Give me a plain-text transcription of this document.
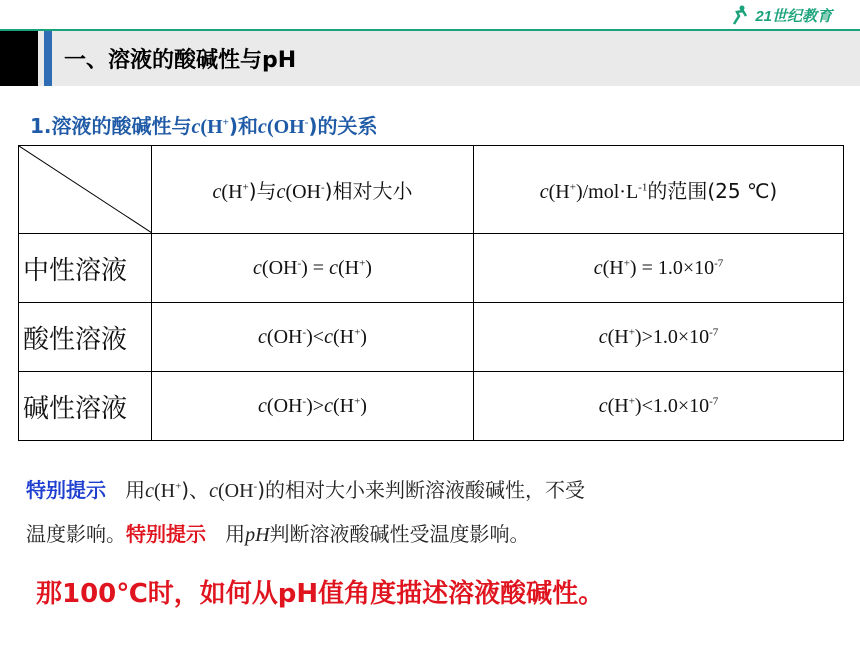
21世纪教育
一、溶液的酸碱性与pH
1.溶液的酸碱性与c(H+)和c(OH-)的关系
	c(H+)与c(OH-)相对大小	$c(H^+)/mol\cdot L^{-1}$的范围(25 ℃)
中性溶液	c(OH-) = c(H+)	$c(H^+) = 1.0\times 10^{-7}$
酸性溶液	c(OH-)<c(H+)	$c(H^+)>1.0\times 10^{-7}$
碱性溶液	c(OH-)>c(H+)	$c(H^+)<1.0\times 10^{-7}$
特别提示 用c(H+)、c(OH-)的相对大小来判断溶液酸碱性，不受
温度影响。特别提示 用pH判断溶液酸碱性受温度影响。
那100℃时，如何从pH值角度描述溶液酸碱性。
